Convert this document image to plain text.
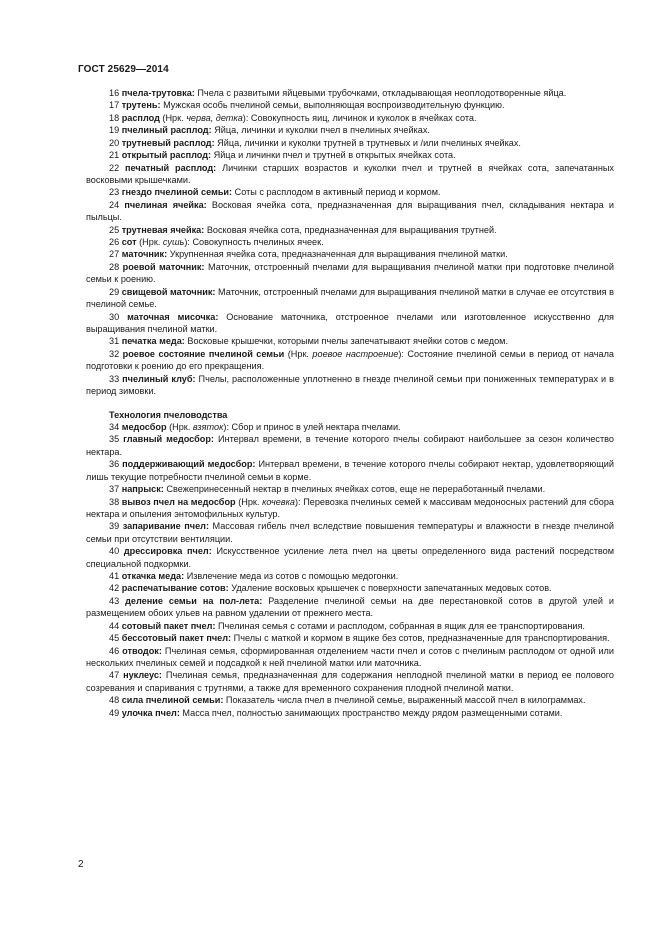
ГОСТ 25629—2014

16 пчела-трутовка: Пчела с развитыми яйцевыми трубочками, откладывающая неоплодотворенные яйца.

17 трутень: Мужская особь пчелиной семьи, выполняющая воспроизводительную функцию.

18 расплод (Нрк. черва, детка): Совокупность яиц, личинок и куколок в ячейках сота.

19 пчелиный расплод: Яйца, личинки и куколки пчел в пчелиных ячейках.

20 трутневый расплод: Яйца, личинки и куколки трутней в трутневых и /или пчелиных ячейках.

21 открытый расплод: Яйца и личинки пчел и трутней в открытых ячейках сота.

22 печатный расплод: Личинки старших возрастов и куколки пчел и трутней в ячейках сота, запечатанных восковыми крышечками.

23 гнездо пчелиной семьи: Соты с расплодом в активный период и кормом.

24 пчелиная ячейка: Восковая ячейка сота, предназначенная для выращивания пчел, складывания нектара и пыльцы.

25 трутневая ячейка: Восковая ячейка сота, предназначенная для выращивания трутней.

26 сот (Нрк. сушь): Совокупность пчелиных ячеек.

27 маточник: Укрупненная ячейка сота, предназначенная для выращивания пчелиной матки.

28 роевой маточник: Маточник, отстроенный пчелами для выращивания пчелиной матки при подготовке пчелиной семьи к роению.

29 свищевой маточник: Маточник, отстроенный пчелами для выращивания пчелиной матки в случае ее отсутствия в пчелиной семье.

30 маточная мисочка: Основание маточника, отстроенное пчелами или изготовленное искусственно для выращивания пчелиной матки.

31 печатка меда: Восковые крышечки, которыми пчелы запечатывают ячейки сотов с медом.

32 роевое состояние пчелиной семьи (Нрк. роевое настроение): Состояние пчелиной семьи в период от начала подготовки к роению до его прекращения.

33 пчелиный клуб: Пчелы, расположенные уплотненно в гнезде пчелиной семьи при пониженных температурах и в период зимовки.

Технология пчеловодства

34 медосбор (Нрк. взяток): Сбор и принос в улей нектара пчелами.

35 главный медосбор: Интервал времени, в течение которого пчелы собирают наибольшее за сезон количество нектара.

36 поддерживающий медосбор: Интервал времени, в течение которого пчелы собирают нектар, удовлетворяющий лишь текущие потребности пчелиной семьи в корме.

37 напрыск: Свежепринесенный нектар в пчелиных ячейках сотов, еще не переработанный пчелами.

38 вывоз пчел на медосбор (Нрк. кочевка): Перевозка пчелиных семей к массивам медоносных растений для сбора нектара и опыления энтомофильных культур.

39 запаривание пчел: Массовая гибель пчел вследствие повышения температуры и влажности в гнезде пчелиной семьи при отсутствии вентиляции.

40 дрессировка пчел: Искусственное усиление лета пчел на цветы определенного вида растений посредством специальной подкормки.

41 откачка меда: Извлечение меда из сотов с помощью медогонки.

42 распечатывание сотов: Удаление восковых крышечек с поверхности запечатанных медовых сотов.

43 деление семьи на пол-лета: Разделение пчелиной семьи на две перестановкой сотов в другой улей и размещением обоих ульев на равном удалении от прежнего места.

44 сотовый пакет пчел: Пчелиная семья с сотами и расплодом, собранная в ящик для ее транспортирования.

45 бессотовый пакет пчел: Пчелы с маткой и кормом в ящике без сотов, предназначенные для транспортирования.

46 отводок: Пчелиная семья, сформированная отделением части пчел и сотов с пчелиным расплодом от одной или нескольких пчелиных семей и подсадкой к ней пчелиной матки или маточника.

47 нуклеус: Пчелиная семья, предназначенная для содержания неплодной пчелиной матки в период ее полового созревания и спаривания с трутнями, а также для временного сохранения плодной пчелиной матки.

48 сила пчелиной семьи: Показатель числа пчел в пчелиной семье, выраженный массой пчел в килограммах.

49 улочка пчел: Масса пчел, полностью занимающих пространство между рядом размещенными сотами.

2
